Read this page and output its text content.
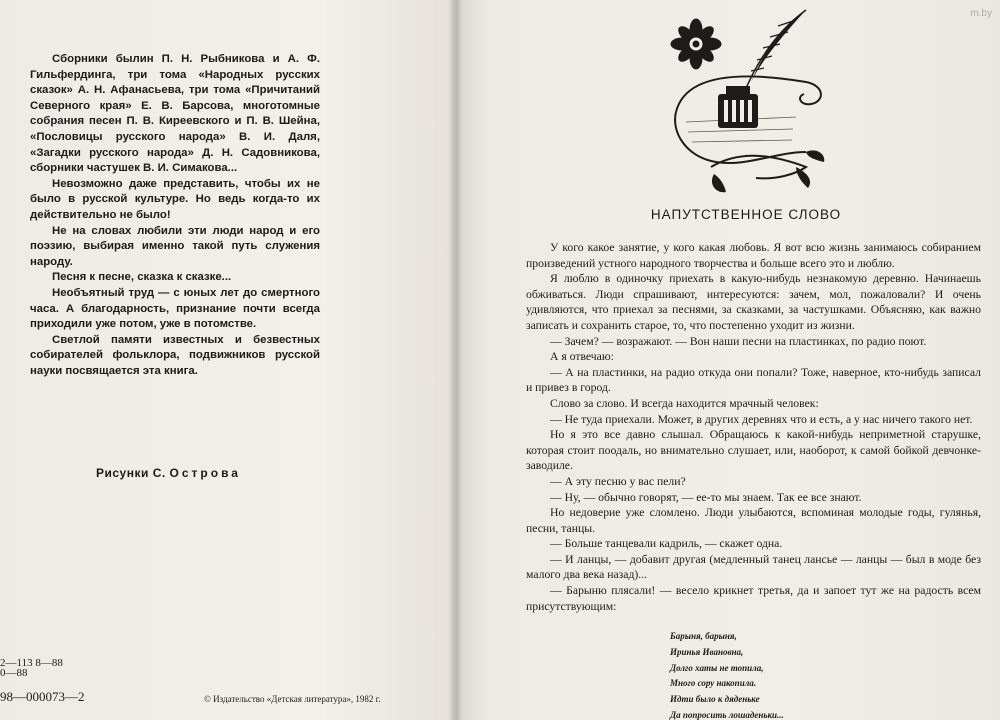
Сборники былин П. Н. Рыбникова и А. Ф. Гильфердинга, три тома «Народных русских сказок» А. Н. Афанасьева, три тома «Причитаний Северного края» Е. В. Барсова, многотомные собрания песен П. В. Киреевского и П. В. Шейна, «Пословицы русского народа» В. И. Даля, «Загадки русского народа» Д. Н. Садовникова, сборники частушек В. И. Симакова...

Невозможно даже представить, чтобы их не было в русской культуре. Но ведь когда-то их действительно не было!

Не на словах любили эти люди народ и его поэзию, выбирая именно такой путь служения народу.

Песня к песне, сказка к сказке...

Необъятный труд — с юных лет до смертного часа. А благодарность, признание почти всегда приходили уже потом, уже в потомстве.

Светлой памяти известных и безвестных собирателей фольклора, подвижников русской науки посвящается эта книга.

Рисунки С. Острова
2—113 8—88
0—88
98—000073—2	© Издательство «Детская литература», 1982 г.
НАПУТСТВЕННОЕ СЛОВО

У кого какое занятие, у кого какая любовь. Я вот всю жизнь занимаюсь собиранием произведений устного народного творчества и больше всего это и люблю.

Я люблю в одиночку приехать в какую-нибудь незнакомую деревню. Начинаешь обживаться. Люди спрашивают, интересуются: зачем, мол, пожаловали? И очень удивляются, что приехал за песнями, за сказками, за частушками. Объясняю, как важно записать и сохранить старое, то, что постепенно уходит из жизни.

— Зачем? — возражают. — Вон наши песни на пластинках, по радио поют.

А я отвечаю:

— А на пластинки, на радио откуда они попали? Тоже, наверное, кто-нибудь записал и привез в город.

Слово за слово. И всегда находится мрачный человек:

— Не туда приехали. Может, в других деревнях что и есть, а у нас ничего такого нет.

Но я это все давно слышал. Обращаюсь к какой-нибудь неприметной старушке, которая стоит поодаль, но внимательно слушает, или, наоборот, к самой бойкой девчонке-заводиле.

— А эту песню у вас пели?

— Ну, — обычно говорят, — ее-то мы знаем. Так ее все знают.

Но недоверие уже сломлено. Люди улыбаются, вспоминая молодые годы, гулянья, песни, танцы.

— Больше танцевали кадриль, — скажет одна.

— И ланцы, — добавит другая (медленный танец лансье — ланцы — был в моде без малого два века назад)...

— Барыню плясали! — весело крикнет третья, да и запоет тут же на радость всем присутствующим:

Барыня, барыня,
Иринья Ивановна,
Долго хаты не топила,
Много сору накопила.
Идти было к дяденьке
Да попросить лошаденьки...
m.by
